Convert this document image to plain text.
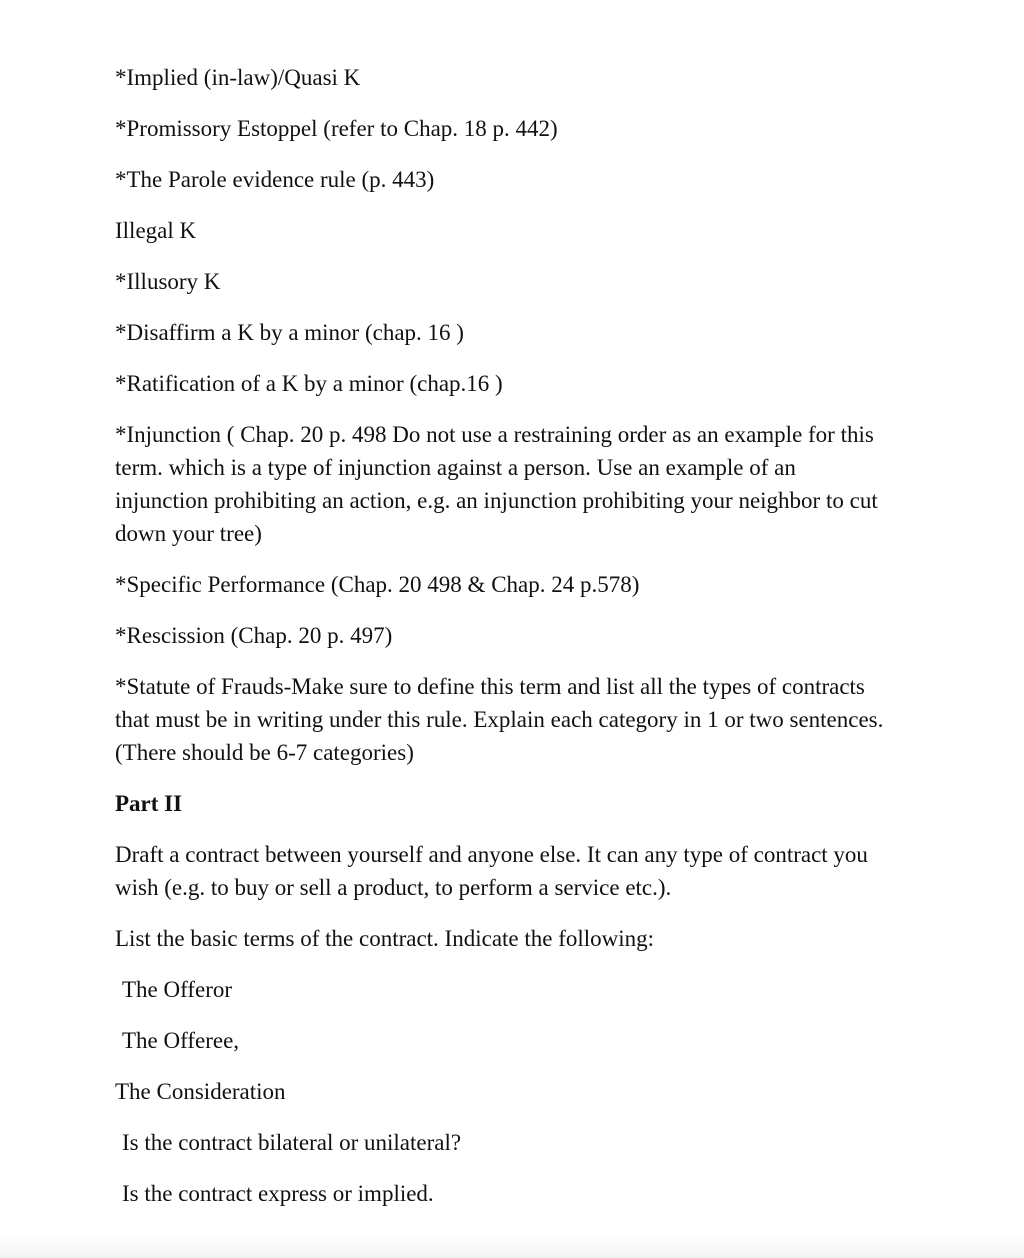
*Implied (in-law)/Quasi K

*Promissory Estoppel (refer to Chap. 18 p. 442)

*The Parole evidence rule (p. 443)

Illegal K

*Illusory K

*Disaffirm a K by a minor (chap. 16 )

*Ratification of a K by a minor (chap.16 )

*Injunction ( Chap. 20 p. 498 Do not use a restraining order as an example for this
term. which is a type of injunction against a person. Use an example of an
injunction prohibiting an action, e.g. an injunction prohibiting your neighbor to cut
down your tree)

*Specific Performance (Chap. 20 498 & Chap. 24 p.578)

*Rescission (Chap. 20 p. 497)

*Statute of Frauds-Make sure to define this term and list all the types of contracts
that must be in writing under this rule. Explain each category in 1 or two sentences.
(There should be 6-7 categories)

Part II

Draft a contract between yourself and anyone else. It can any type of contract you
wish (e.g. to buy or sell a product, to perform a service etc.).

List the basic terms of the contract. Indicate the following:

The Offeror

The Offeree,

The Consideration

Is the contract bilateral or unilateral?

Is the contract express or implied.
